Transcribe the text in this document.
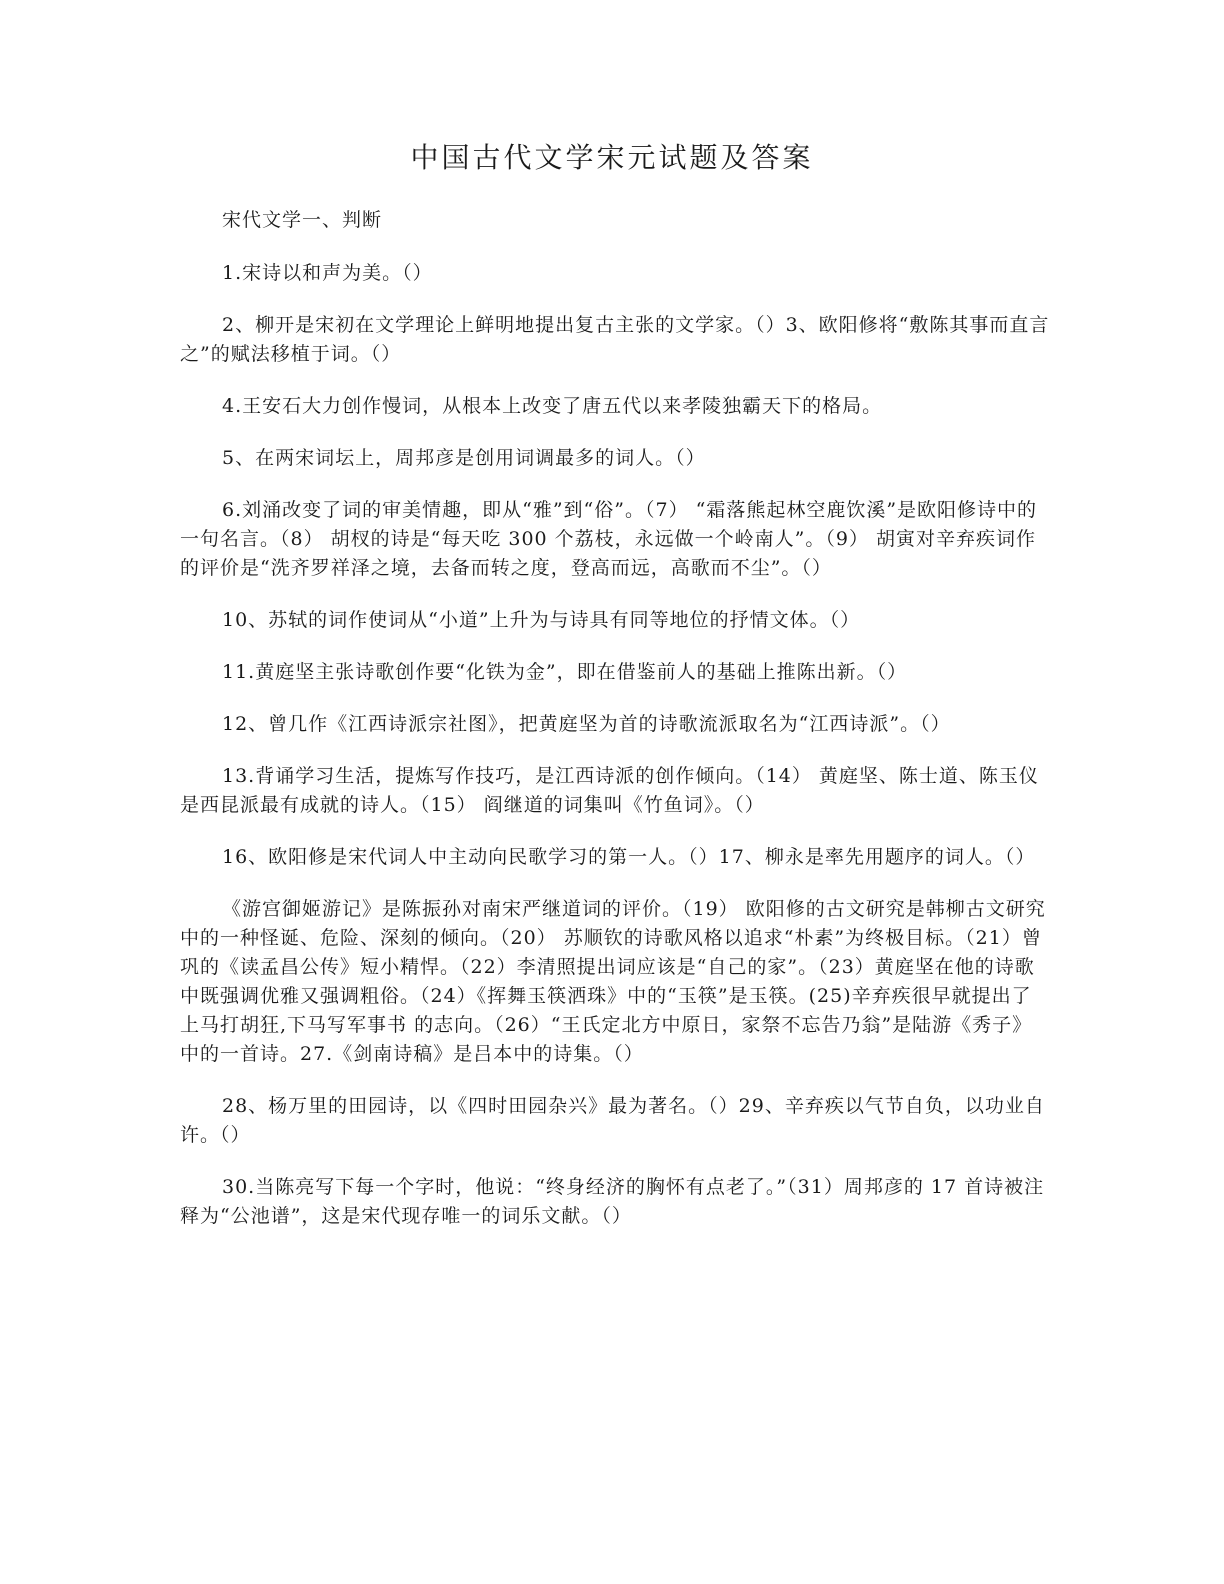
中国古代文学宋元试题及答案

宋代文学一、判断

1.宋诗以和声为美。（）

2、柳开是宋初在文学理论上鲜明地提出复古主张的文学家。（）3、欧阳修将“敷陈其事而直言之”的赋法移植于词。（）

4.王安石大力创作慢词，从根本上改变了唐五代以来孝陵独霸天下的格局。

5、在两宋词坛上，周邦彦是创用词调最多的词人。（）

6.刘涌改变了词的审美情趣，即从“雅”到“俗”。（7） “霜落熊起林空鹿饮溪”是欧阳修诗中的一句名言。（8） 胡杈的诗是“每天吃 300 个荔枝，永远做一个岭南人”。（9） 胡寅对辛弃疾词作的评价是“洗齐罗祥泽之境，去备而转之度，登高而远，高歌而不尘”。（）

10、苏轼的词作使词从“小道”上升为与诗具有同等地位的抒情文体。（）

11.黄庭坚主张诗歌创作要“化铁为金”，即在借鉴前人的基础上推陈出新。（）

12、曾几作《江西诗派宗社图》，把黄庭坚为首的诗歌流派取名为“江西诗派”。（）

13.背诵学习生活，提炼写作技巧，是江西诗派的创作倾向。（14） 黄庭坚、陈士道、陈玉仪是西昆派最有成就的诗人。（15） 阎继道的词集叫《竹鱼词》。（）

16、欧阳修是宋代词人中主动向民歌学习的第一人。（）17、柳永是率先用题序的词人。（）

《游宫御姬游记》是陈振孙对南宋严继道词的评价。（19） 欧阳修的古文研究是韩柳古文研究中的一种怪诞、危险、深刻的倾向。（20） 苏顺钦的诗歌风格以追求“朴素”为终极目标。（21）曾巩的《读孟昌公传》短小精悍。（22）李清照提出词应该是“自己的家”。（23）黄庭坚在他的诗歌中既强调优雅又强调粗俗。（24）《挥舞玉筷洒珠》中的“玉筷”是玉筷。(25)辛弃疾很早就提出了 上马打胡狂,下马写军事书 的志向。（26）“王氏定北方中原日，家祭不忘告乃翁”是陆游《秀子》中的一首诗。27.《剑南诗稿》是吕本中的诗集。（）

28、杨万里的田园诗，以《四时田园杂兴》最为著名。（）29、辛弃疾以气节自负，以功业自许。（）

30.当陈亮写下每一个字时，他说：“终身经济的胸怀有点老了。”（31）周邦彦的 17 首诗被注释为“公池谱”，这是宋代现存唯一的词乐文献。（）
